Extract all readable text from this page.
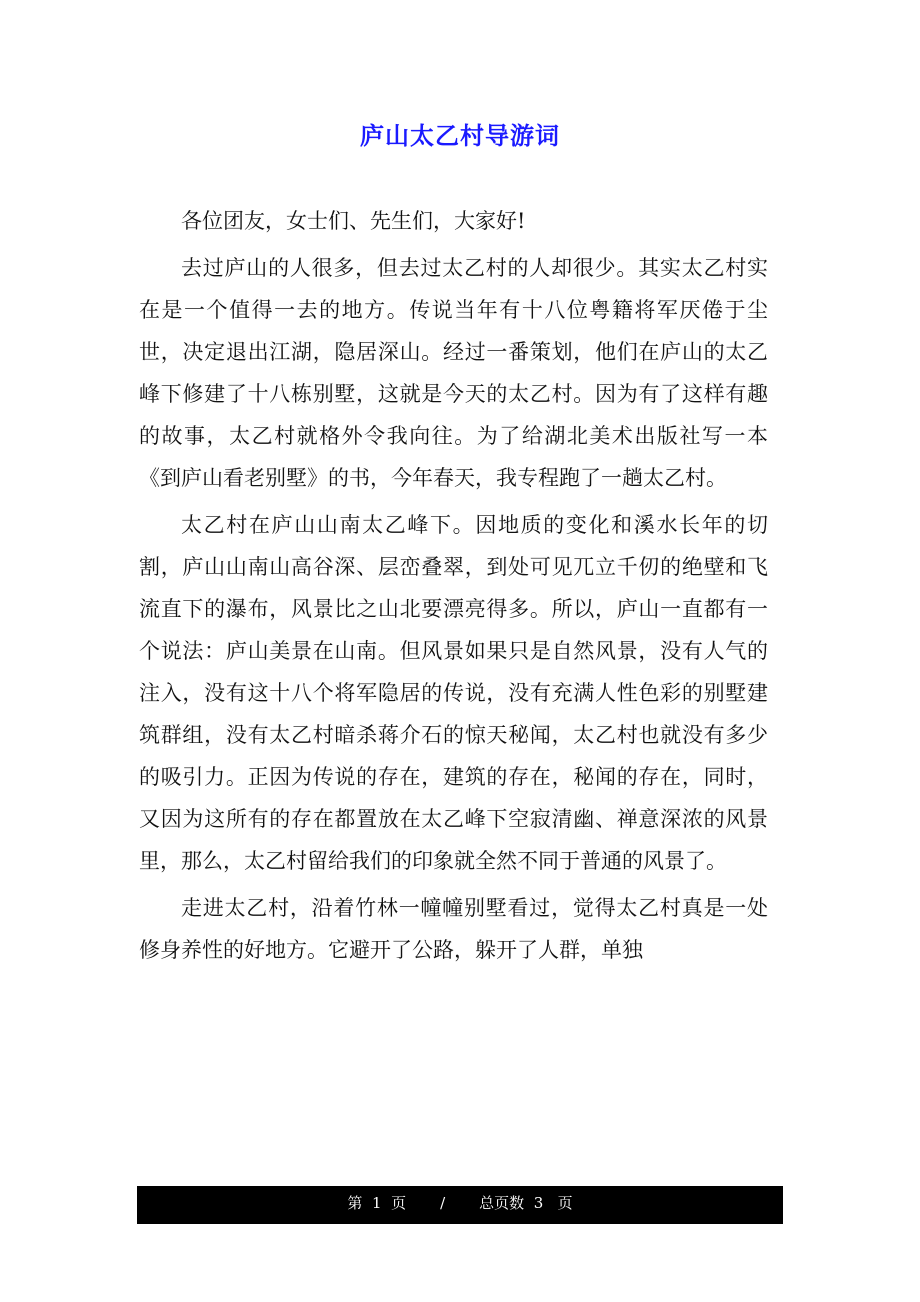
庐山太乙村导游词

各位团友，女士们、先生们，大家好!

去过庐山的人很多，但去过太乙村的人却很少。其实太乙村实在是一个值得一去的地方。传说当年有十八位粤籍将军厌倦于尘世，决定退出江湖，隐居深山。经过一番策划，他们在庐山的太乙峰下修建了十八栋别墅，这就是今天的太乙村。因为有了这样有趣的故事，太乙村就格外令我向往。为了给湖北美术出版社写一本《到庐山看老别墅》的书，今年春天，我专程跑了一趟太乙村。

太乙村在庐山山南太乙峰下。因地质的变化和溪水长年的切割，庐山山南山高谷深、层峦叠翠，到处可见兀立千仞的绝壁和飞流直下的瀑布，风景比之山北要漂亮得多。所以，庐山一直都有一个说法：庐山美景在山南。但风景如果只是自然风景，没有人气的注入，没有这十八个将军隐居的传说，没有充满人性色彩的别墅建筑群组，没有太乙村暗杀蒋介石的惊天秘闻，太乙村也就没有多少的吸引力。正因为传说的存在，建筑的存在，秘闻的存在，同时，又因为这所有的存在都置放在太乙峰下空寂清幽、禅意深浓的风景里，那么，太乙村留给我们的印象就全然不同于普通的风景了。

走进太乙村，沿着竹林一幢幢别墅看过，觉得太乙村真是一处修身养性的好地方。它避开了公路，躲开了人群，单独

第 1 页 / 总页数 3 页
